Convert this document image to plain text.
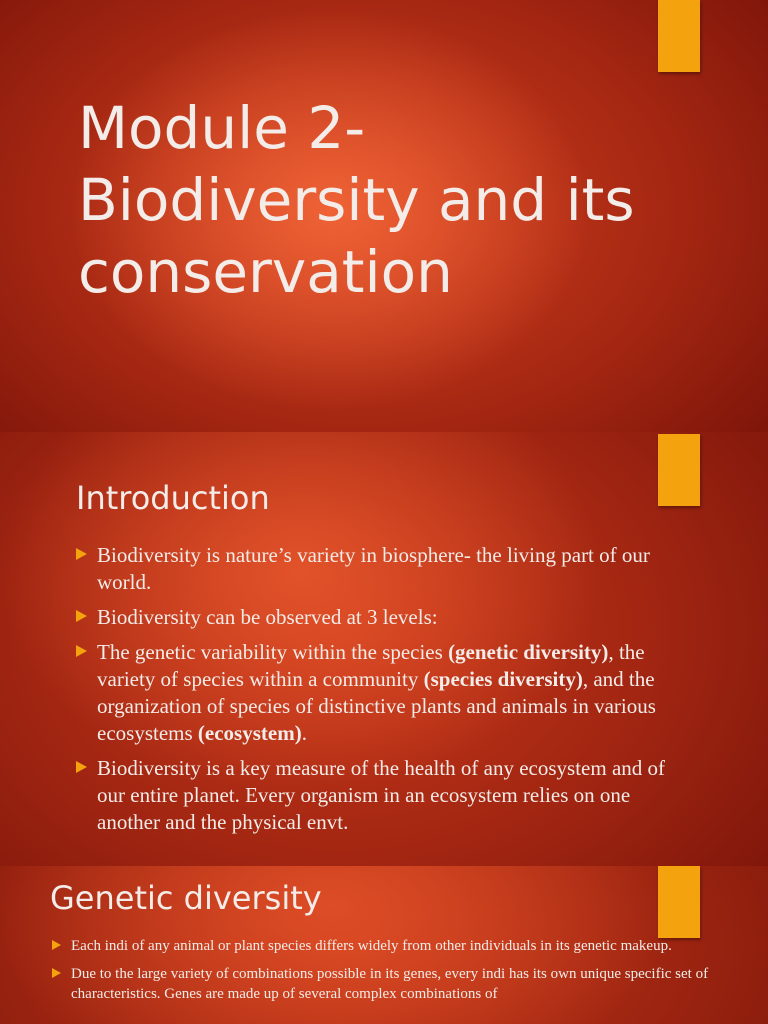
Module 2-
Biodiversity and its
conservation
Introduction
Biodiversity is nature’s variety in biosphere- the living part of our world.
Biodiversity can be observed at 3 levels:
The genetic variability within the species (genetic diversity), the variety of species within a community (species diversity), and the organization of species of distinctive plants and animals in various ecosystems (ecosystem).
Biodiversity is a key measure of the health of any ecosystem and of our entire planet. Every organism in an ecosystem relies on one another and the physical envt.
Genetic diversity
Each indi of any animal or plant species differs widely from other individuals in its genetic makeup.
Due to the large variety of combinations possible in its genes, every indi has its own unique specific set of characteristics. Genes are made up of several complex combinations of
